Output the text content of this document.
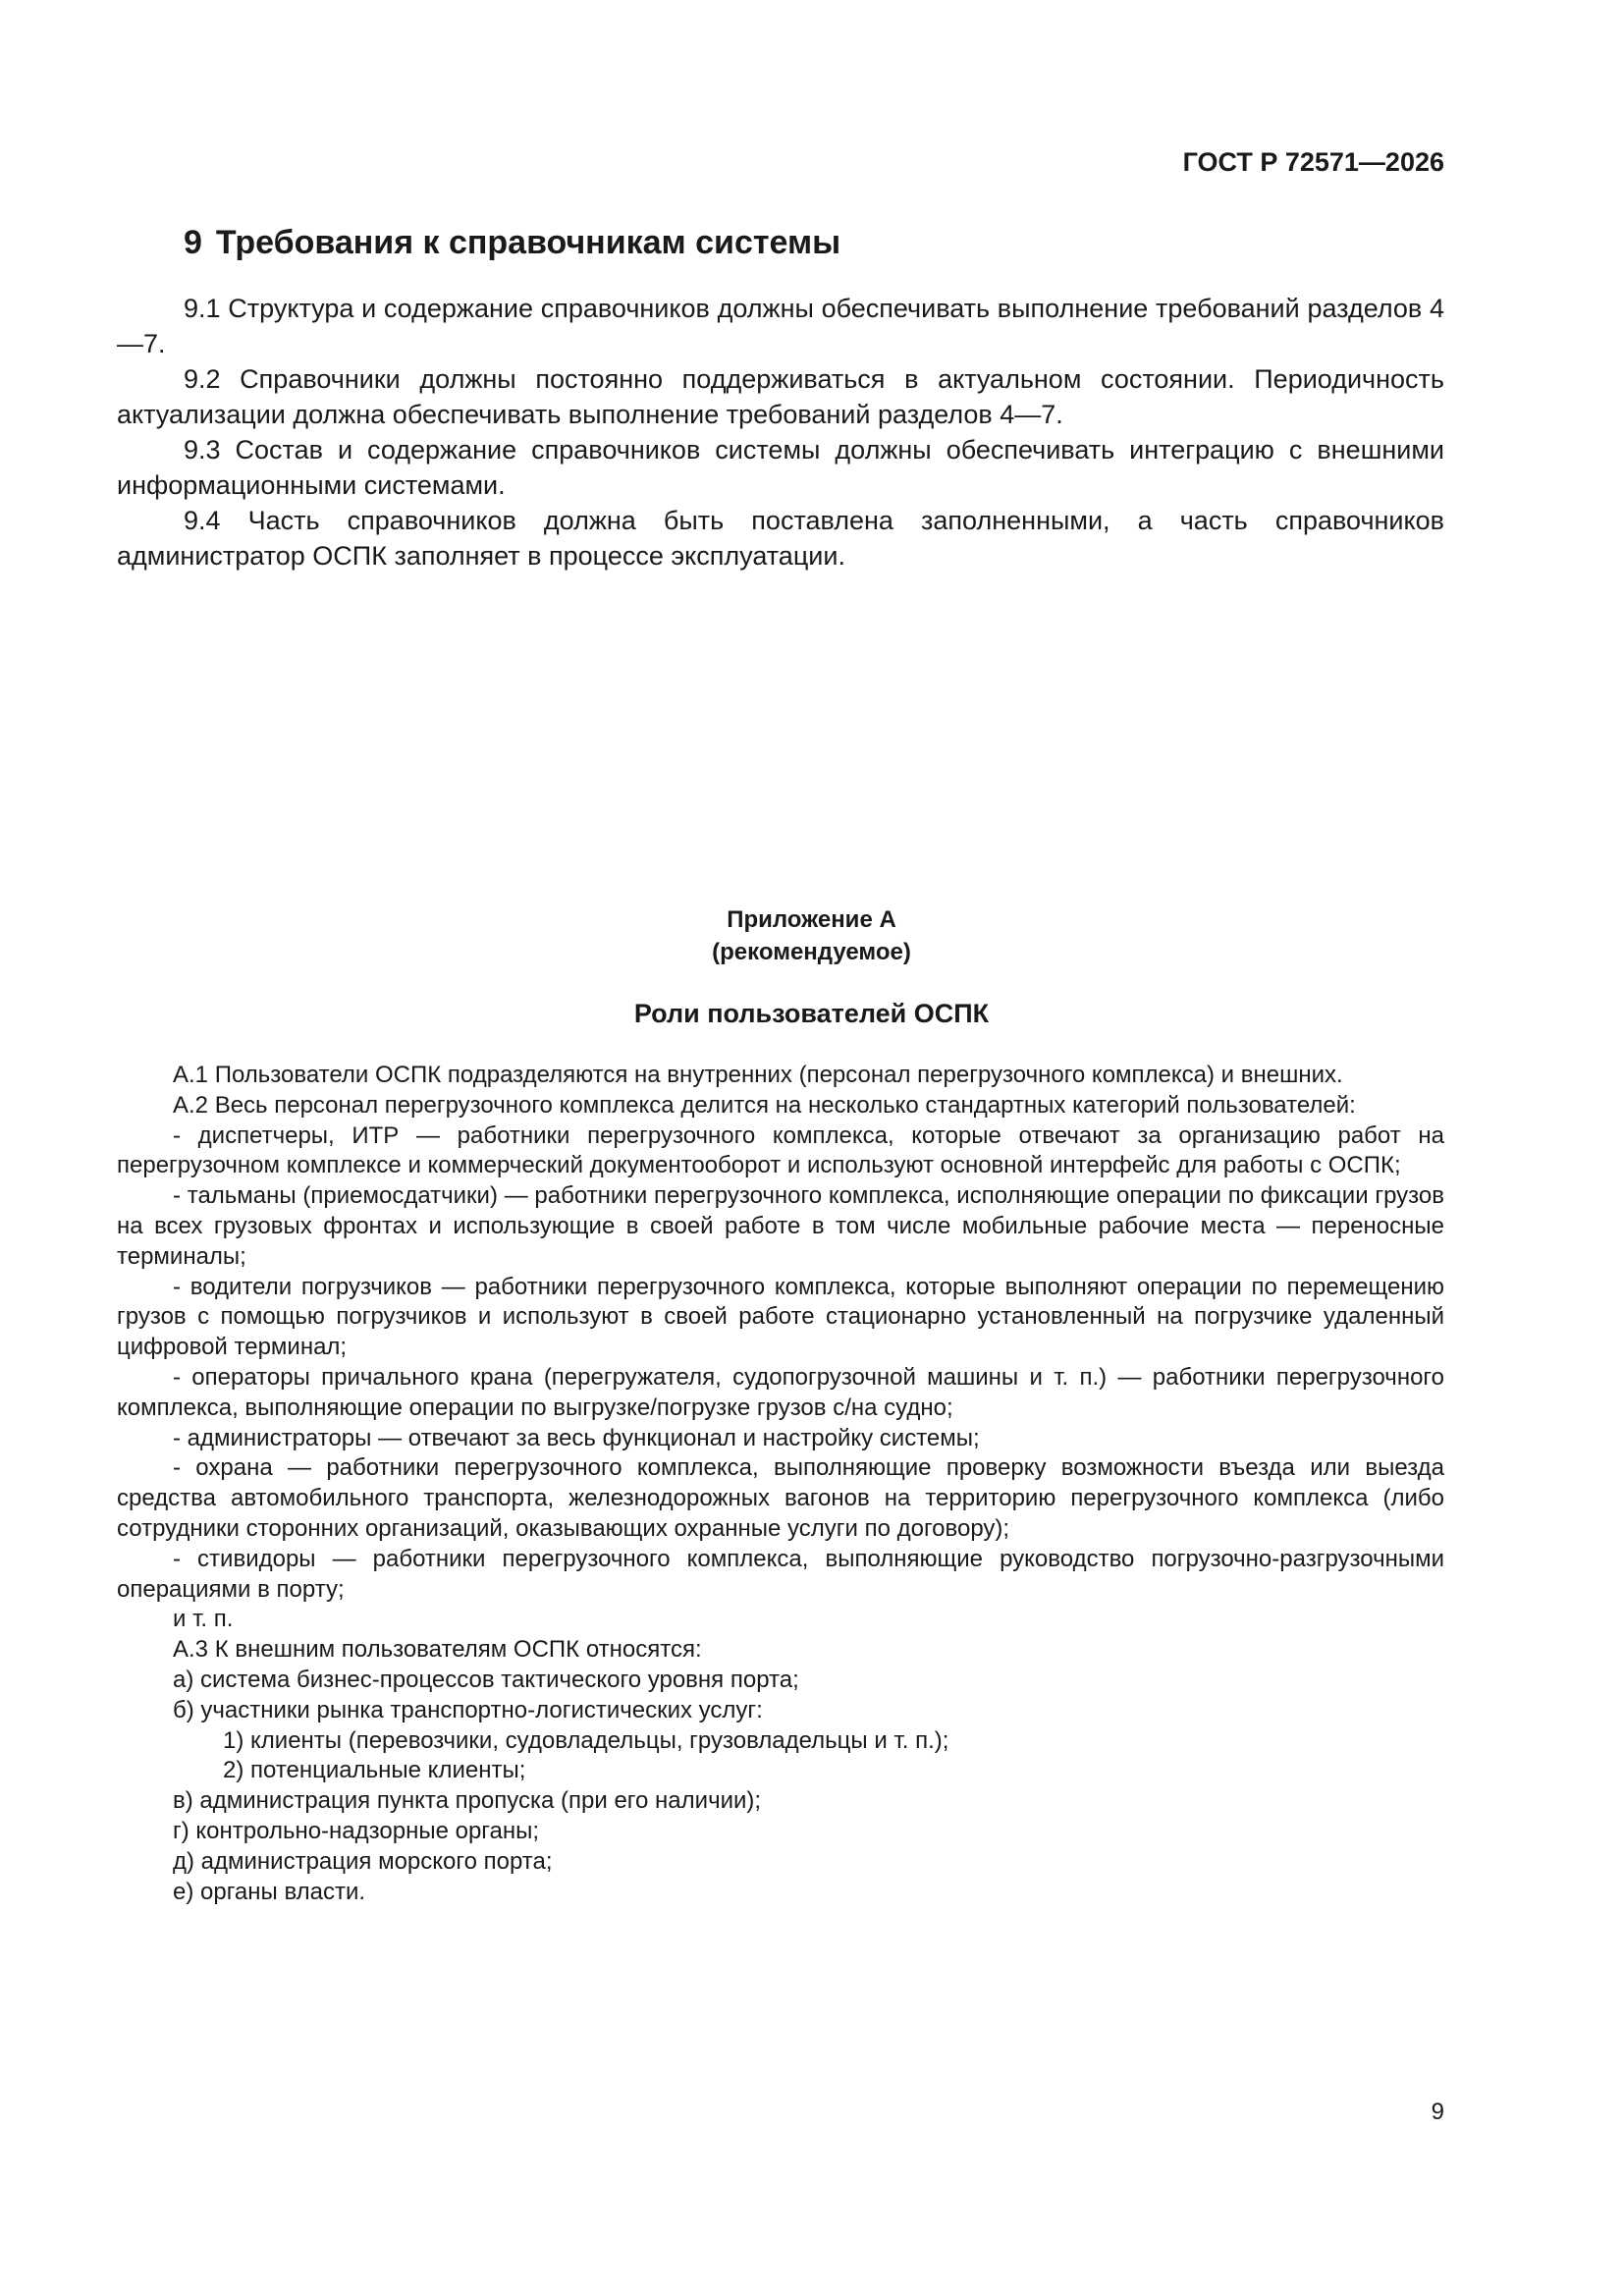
ГОСТ Р 72571—2026
9 Требования к справочникам системы

9.1 Структура и содержание справочников должны обеспечивать выполнение требований разделов 4—7.

9.2 Справочники должны постоянно поддерживаться в актуальном состоянии. Периодичность актуализации должна обеспечивать выполнение требований разделов 4—7.

9.3 Состав и содержание справочников системы должны обеспечивать интеграцию с внешними информационными системами.

9.4 Часть справочников должна быть поставлена заполненными, а часть справочников администратор ОСПК заполняет в процессе эксплуатации.

Приложение А
(рекомендуемое)
Роли пользователей ОСПК

А.1 Пользователи ОСПК подразделяются на внутренних (персонал перегрузочного комплекса) и внешних.

А.2 Весь персонал перегрузочного комплекса делится на несколько стандартных категорий пользователей:

- диспетчеры, ИТР — работники перегрузочного комплекса, которые отвечают за организацию работ на перегрузочном комплексе и коммерческий документооборот и используют основной интерфейс для работы с ОСПК;

- тальманы (приемосдатчики) — работники перегрузочного комплекса, исполняющие операции по фиксации грузов на всех грузовых фронтах и использующие в своей работе в том числе мобильные рабочие места — переносные терминалы;

- водители погрузчиков — работники перегрузочного комплекса, которые выполняют операции по перемещению грузов с помощью погрузчиков и используют в своей работе стационарно установленный на погрузчике удаленный цифровой терминал;

- операторы причального крана (перегружателя, судопогрузочной машины и т. п.) — работники перегрузочного комплекса, выполняющие операции по выгрузке/погрузке грузов с/на судно;

- администраторы — отвечают за весь функционал и настройку системы;

- охрана — работники перегрузочного комплекса, выполняющие проверку возможности въезда или выезда средства автомобильного транспорта, железнодорожных вагонов на территорию перегрузочного комплекса (либо сотрудники сторонних организаций, оказывающих охранные услуги по договору);

- стивидоры — работники перегрузочного комплекса, выполняющие руководство погрузочно-разгрузочными операциями в порту;

и т. п.

А.3 К внешним пользователям ОСПК относятся:

а) система бизнес-процессов тактического уровня порта;

б) участники рынка транспортно-логистических услуг:

1) клиенты (перевозчики, судовладельцы, грузовладельцы и т. п.);

2) потенциальные клиенты;

в) администрация пункта пропуска (при его наличии);

г) контрольно-надзорные органы;

д) администрация морского порта;

е) органы власти.

9
